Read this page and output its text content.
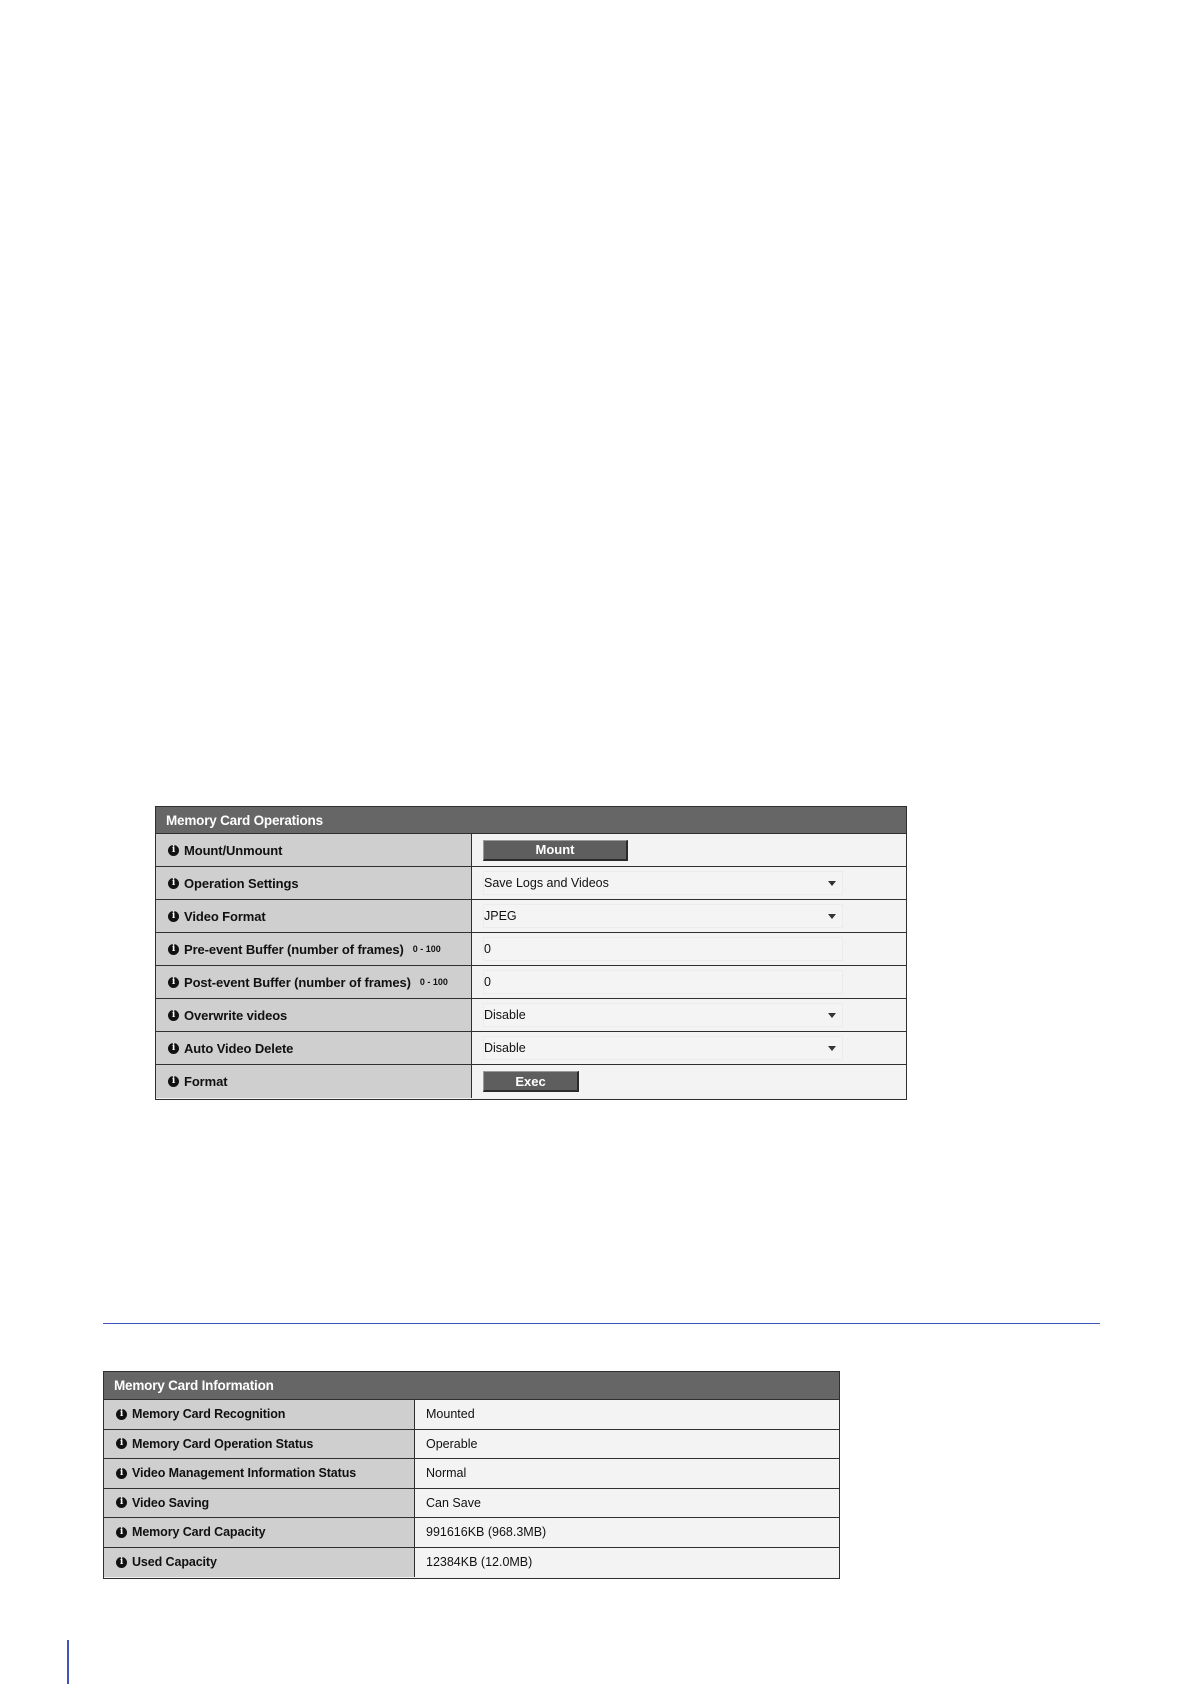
Memory Card Operations
i Mount/Unmount	Mount
i Operation Settings	Save Logs and Videos
i Video Format	JPEG
i Pre-event Buffer (number of frames) 0 - 100	0
i Post-event Buffer (number of frames) 0 - 100	0
i Overwrite videos	Disable
i Auto Video Delete	Disable
i Format	Exec
Memory Card Information
i Memory Card Recognition	Mounted
i Memory Card Operation Status	Operable
i Video Management Information Status	Normal
i Video Saving	Can Save
i Memory Card Capacity	991616KB (968.3MB)
i Used Capacity	12384KB (12.0MB)
